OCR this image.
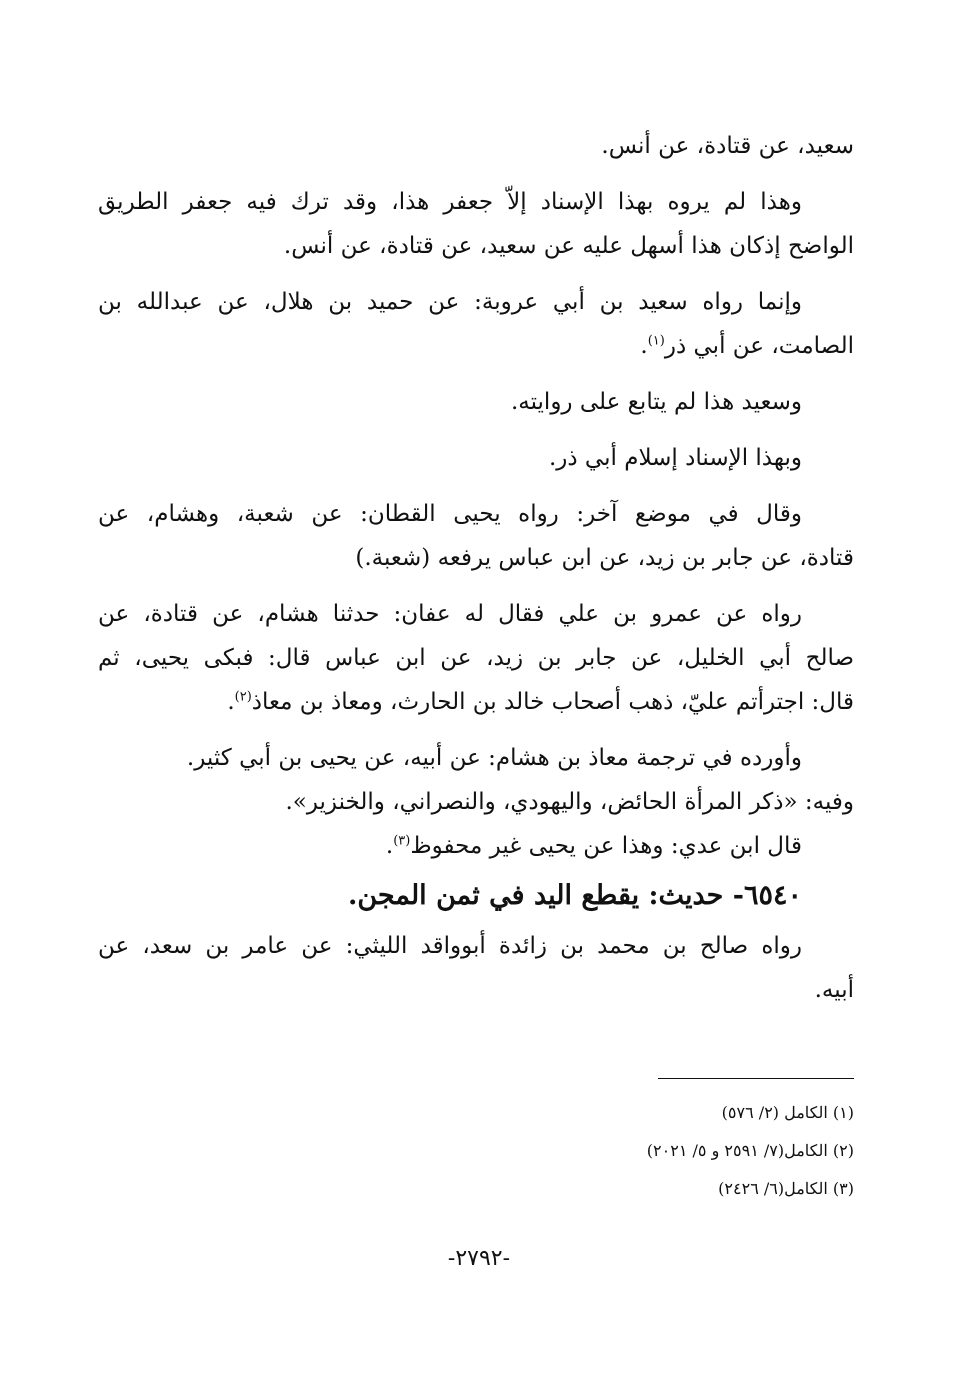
سعيد، عن قتادة، عن أنس.

وهذا لم يروه بهذا الإسناد إلاّ جعفر هذا، وقد ترك فيه جعفر الطريق

الواضح إذكان هذا أسهل عليه عن سعيد، عن قتادة، عن أنس.

وإنما رواه سعيد بن أبي عروبة: عن حميد بن هلال، عن عبدالله بن

الصامت، عن أبي ذر$^{(١)}$.

وسعيد هذا لم يتابع على روايته.

وبهذا الإسناد إسلام أبي ذر.

وقال في موضع آخر: رواه يحيى القطان: عن شعبة، وهشام، عن

قتادة، عن جابر بن زيد، عن ابن عباس يرفعه (شعبة.)

رواه عن عمرو بن علي فقال له عفان: حدثنا هشام، عن قتادة، عن

صالح أبي الخليل، عن جابر بن زيد، عن ابن عباس قال: فبكى يحيى، ثم

قال: اجترأتم عليّ، ذهب أصحاب خالد بن الحارث، ومعاذ بن معاذ$^{(٢)}$.

وأورده في ترجمة معاذ بن هشام: عن أبيه، عن يحيى بن أبي كثير.

وفيه: «ذكر المرأة الحائض، واليهودي، والنصراني، والخنزير».

قال ابن عدي: وهذا عن يحيى غير محفوظ$^{(٣)}$.

٦٥٤٠- حديث: يقطع اليد في ثمن المجن.

رواه صالح بن محمد بن زائدة أبوواقد الليثي: عن عامر بن سعد، عن

أبيه.

(١) الكامل (٢/ ٥٧٦)

(٢) الكامل(٧/ ٢٥٩١ و ٥/ ٢٠٢١)

(٣) الكامل(٦/ ٢٤٢٦)

-٢٧٩٢-
